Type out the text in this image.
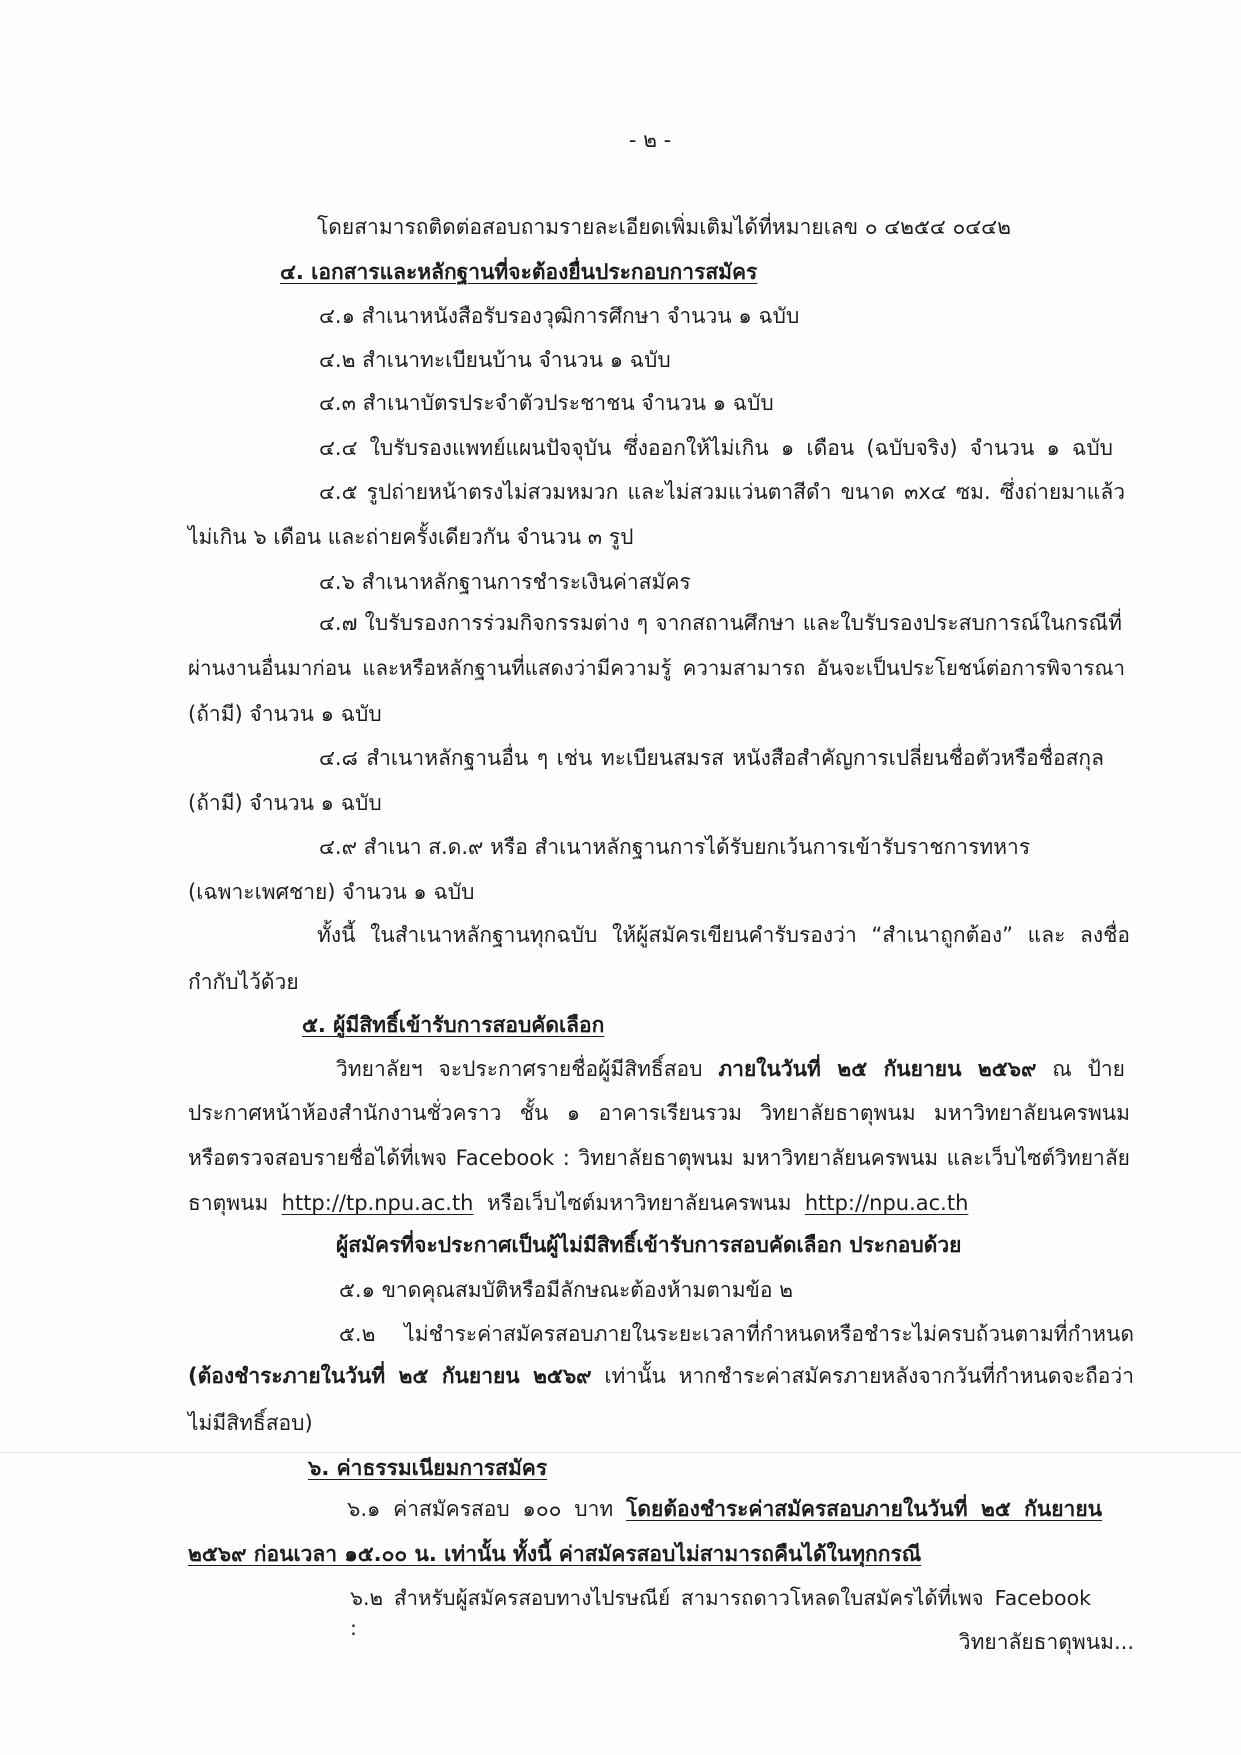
- ๒ -
โดยสามารถติดต่อสอบถามรายละเอียดเพิ่มเติมได้ที่หมายเลข ๐ ๔๒๕๔ ๐๔๔๒
๔. เอกสารและหลักฐานที่จะต้องยื่นประกอบการสมัคร
๔.๑ สำเนาหนังสือรับรองวุฒิการศึกษา จำนวน ๑ ฉบับ
๔.๒ สำเนาทะเบียนบ้าน จำนวน ๑ ฉบับ
๔.๓ สำเนาบัตรประจำตัวประชาชน จำนวน ๑ ฉบับ
๔.๔ ใบรับรองแพทย์แผนปัจจุบัน ซึ่งออกให้ไม่เกิน ๑ เดือน (ฉบับจริง) จำนวน ๑ ฉบับ
๔.๕ รูปถ่ายหน้าตรงไม่สวมหมวก และไม่สวมแว่นตาสีดำ ขนาด ๓x๔ ซม. ซึ่งถ่ายมาแล้ว
ไม่เกิน ๖ เดือน และถ่ายครั้งเดียวกัน จำนวน ๓ รูป
๔.๖ สำเนาหลักฐานการชำระเงินค่าสมัคร
๔.๗ ใบรับรองการร่วมกิจกรรมต่าง ๆ จากสถานศึกษา และใบรับรองประสบการณ์ในกรณีที่
ผ่านงานอื่นมาก่อน และหรือหลักฐานที่แสดงว่ามีความรู้ ความสามารถ อันจะเป็นประโยชน์ต่อการพิจารณา
(ถ้ามี) จำนวน ๑ ฉบับ
๔.๘ สำเนาหลักฐานอื่น ๆ เช่น ทะเบียนสมรส หนังสือสำคัญการเปลี่ยนชื่อตัวหรือชื่อสกุล
(ถ้ามี) จำนวน ๑ ฉบับ
๔.๙ สำเนา ส.ด.๙ หรือ สำเนาหลักฐานการได้รับยกเว้นการเข้ารับราชการทหาร
(เฉพาะเพศชาย) จำนวน ๑ ฉบับ
ทั้งนี้ ในสำเนาหลักฐานทุกฉบับ ให้ผู้สมัครเขียนคำรับรองว่า “สำเนาถูกต้อง” และ ลงชื่อ
กำกับไว้ด้วย
๕. ผู้มีสิทธิ์เข้ารับการสอบคัดเลือก
วิทยาลัยฯ จะประกาศรายชื่อผู้มีสิทธิ์สอบ ภายในวันที่ ๒๕ กันยายน ๒๕๖๙ ณ ป้าย
ประกาศหน้าห้องสำนักงานชั่วคราว ชั้น ๑ อาคารเรียนรวม วิทยาลัยธาตุพนม มหาวิทยาลัยนครพนม
หรือตรวจสอบรายชื่อได้ที่เพจ Facebook : วิทยาลัยธาตุพนม มหาวิทยาลัยนครพนม และเว็บไซต์วิทยาลัย
ธาตุพนม http://tp.npu.ac.th หรือเว็บไซต์มหาวิทยาลัยนครพนม http://npu.ac.th
ผู้สมัครที่จะประกาศเป็นผู้ไม่มีสิทธิ์เข้ารับการสอบคัดเลือก ประกอบด้วย
๕.๑ ขาดคุณสมบัติหรือมีลักษณะต้องห้ามตามข้อ ๒
๕.๒ ไม่ชำระค่าสมัครสอบภายในระยะเวลาที่กำหนดหรือชำระไม่ครบถ้วนตามที่กำหนด
(ต้องชำระภายในวันที่ ๒๕ กันยายน ๒๕๖๙ เท่านั้น หากชำระค่าสมัครภายหลังจากวันที่กำหนดจะถือว่า
ไม่มีสิทธิ์สอบ)
๖. ค่าธรรมเนียมการสมัคร
๖.๑ ค่าสมัครสอบ ๑๐๐ บาท โดยต้องชำระค่าสมัครสอบภายในวันที่ ๒๕ กันยายน
๒๕๖๙ ก่อนเวลา ๑๕.๐๐ น. เท่านั้น ทั้งนี้ ค่าสมัครสอบไม่สามารถคืนได้ในทุกกรณี
๖.๒ สำหรับผู้สมัครสอบทางไปรษณีย์ สามารถดาวโหลดใบสมัครได้ที่เพจ Facebook :
วิทยาลัยธาตุพนม...
